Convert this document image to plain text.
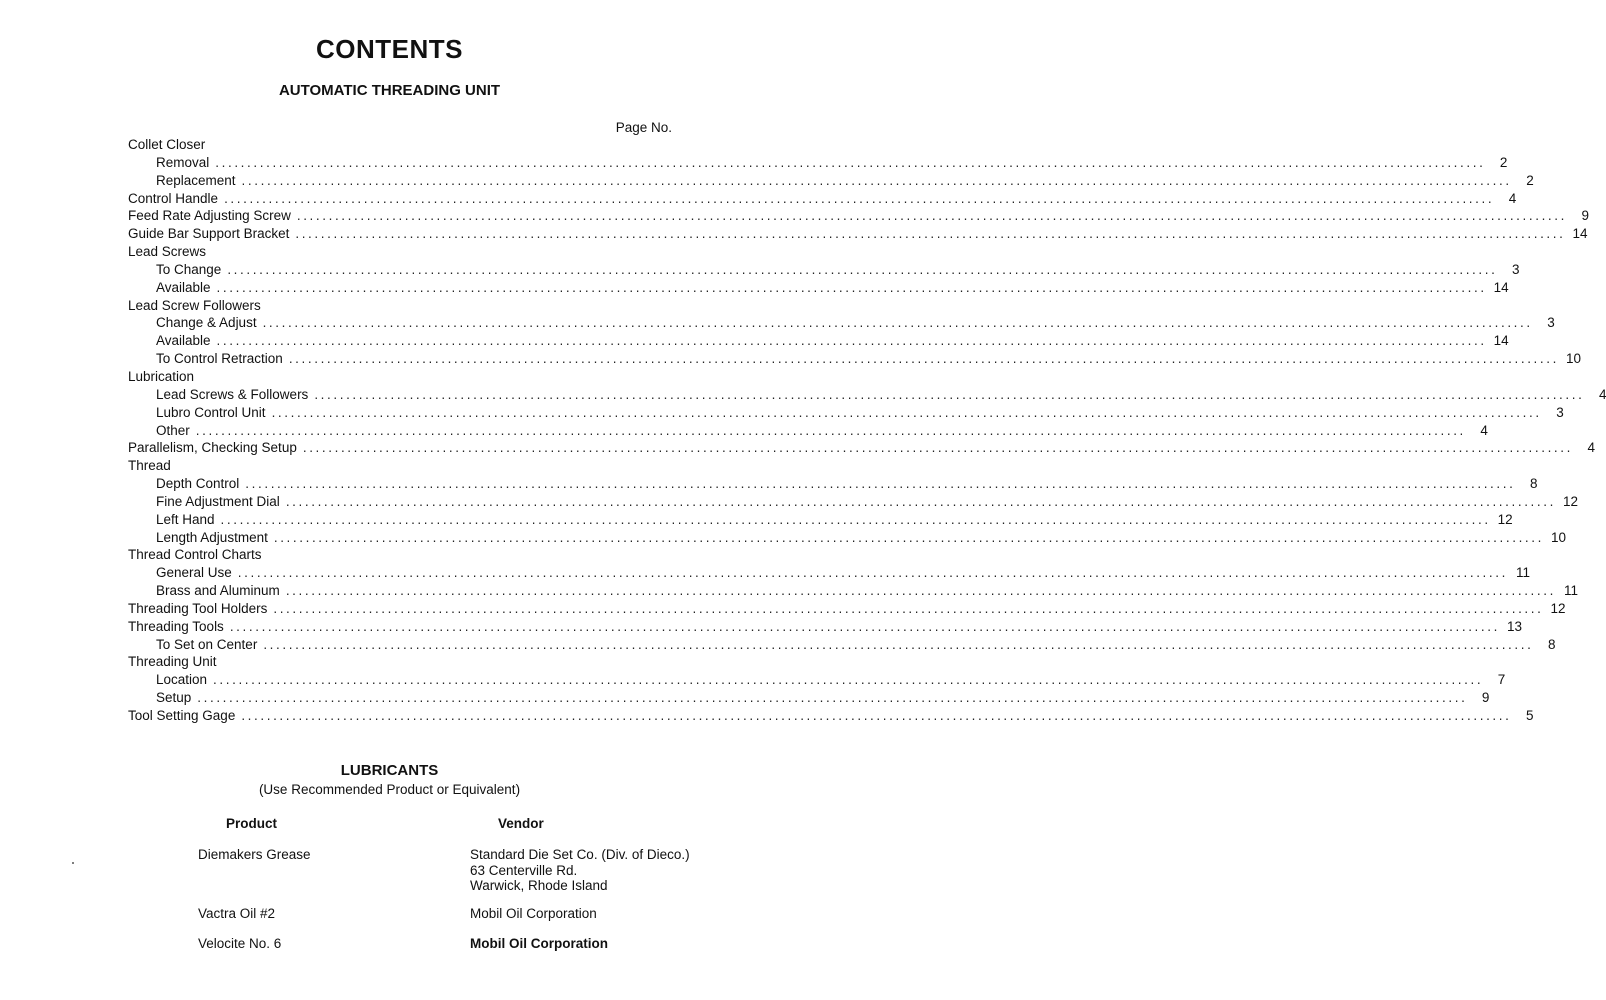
CONTENTS
AUTOMATIC THREADING UNIT
Page No.
Collet Closer
Removal ........................................................................................................................................................................................................	2
Replacement ........................................................................................................................................................................................................	2
Control Handle ........................................................................................................................................................................................................	4
Feed Rate Adjusting Screw ........................................................................................................................................................................................................	9
Guide Bar Support Bracket ........................................................................................................................................................................................................ 14
Lead Screws
To Change ........................................................................................................................................................................................................	3
Available ........................................................................................................................................................................................................ 14
Lead Screw Followers
Change & Adjust ........................................................................................................................................................................................................	3
Available ........................................................................................................................................................................................................ 14
To Control Retraction ........................................................................................................................................................................................................ 10
Lubrication
Lead Screws & Followers ........................................................................................................................................................................................................	4
Lubro Control Unit ........................................................................................................................................................................................................	3
Other ........................................................................................................................................................................................................	4
Parallelism, Checking Setup ........................................................................................................................................................................................................	4
Thread
Depth Control ........................................................................................................................................................................................................	8
Fine Adjustment Dial ........................................................................................................................................................................................................ 12
Left Hand ........................................................................................................................................................................................................ 12
Length Adjustment ........................................................................................................................................................................................................ 10
Thread Control Charts
General Use ........................................................................................................................................................................................................ 11
Brass and Aluminum ........................................................................................................................................................................................................ 11
Threading Tool Holders ........................................................................................................................................................................................................ 12
Threading Tools ........................................................................................................................................................................................................ 13
To Set on Center ........................................................................................................................................................................................................	8
Threading Unit
Location ........................................................................................................................................................................................................	7
Setup ........................................................................................................................................................................................................	9
Tool Setting Gage ........................................................................................................................................................................................................	5
LUBRICANTS
(Use Recommended Product or Equivalent)
Product	Vendor
Diemakers Grease	Standard Die Set Co. (Div. of Dieco.)
63 Centerville Rd.
Warwick, Rhode Island
Vactra Oil #2	Mobil Oil Corporation
Velocite No. 6	Mobil Oil Corporation
